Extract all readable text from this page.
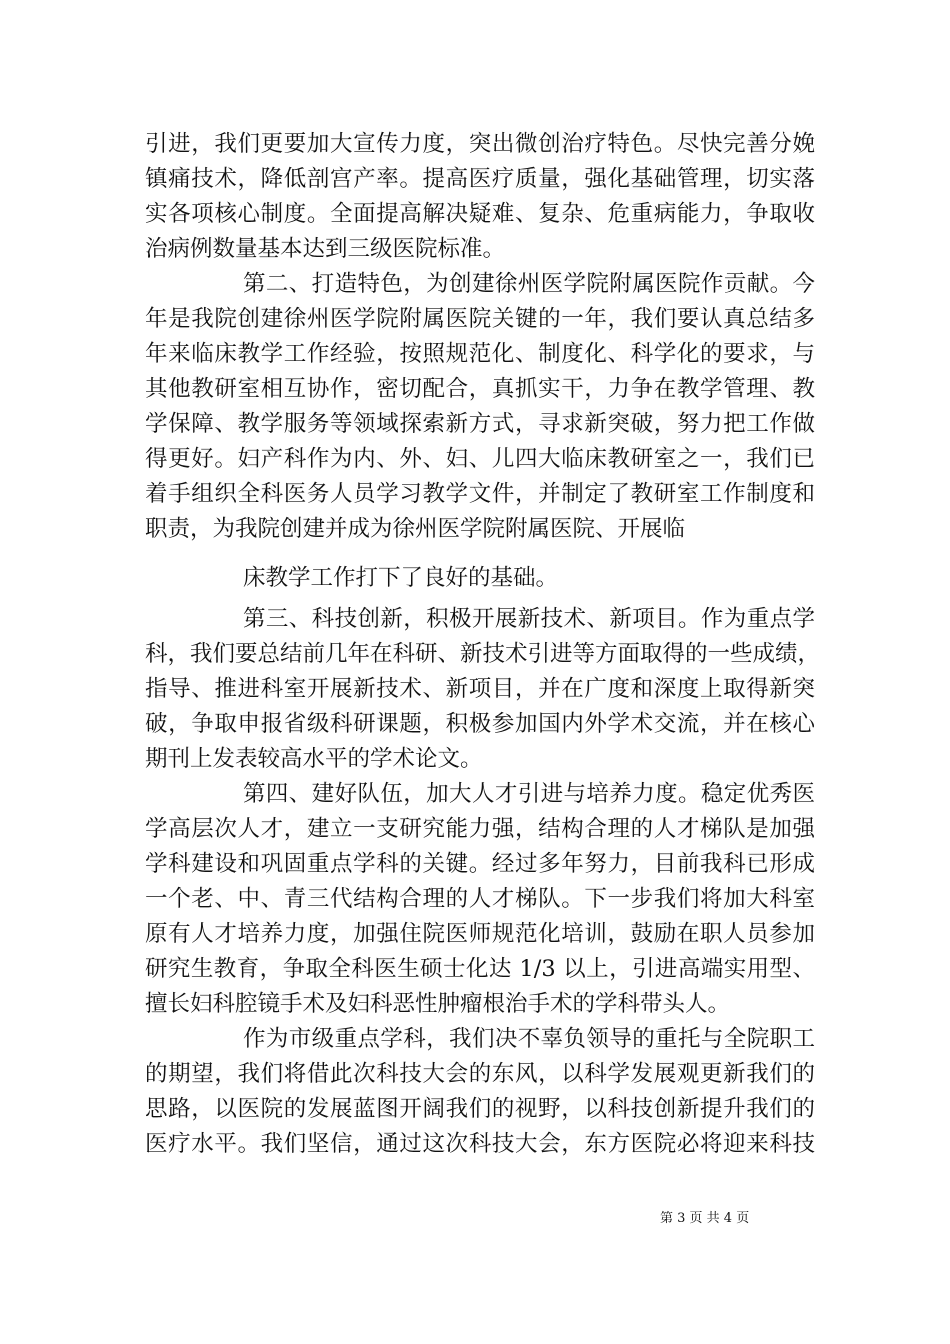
引进，我们更要加大宣传力度，突出微创治疗特色。尽快完善分娩
镇痛技术，降低剖宫产率。提高医疗质量，强化基础管理，切实落
实各项核心制度。全面提高解决疑难、复杂、危重病能力，争取收
治病例数量基本达到三级医院标准。
第二、打造特色，为创建徐州医学院附属医院作贡献。今
年是我院创建徐州医学院附属医院关键的一年，我们要认真总结多
年来临床教学工作经验，按照规范化、制度化、科学化的要求，与
其他教研室相互协作，密切配合，真抓实干，力争在教学管理、教
学保障、教学服务等领域探索新方式，寻求新突破，努力把工作做
得更好。妇产科作为内、外、妇、儿四大临床教研室之一，我们已
着手组织全科医务人员学习教学文件，并制定了教研室工作制度和
职责，为我院创建并成为徐州医学院附属医院、开展临
床教学工作打下了良好的基础。
第三、科技创新，积极开展新技术、新项目。作为重点学
科，我们要总结前几年在科研、新技术引进等方面取得的一些成绩，
指导、推进科室开展新技术、新项目，并在广度和深度上取得新突
破，争取申报省级科研课题，积极参加国内外学术交流，并在核心
期刊上发表较高水平的学术论文。
第四、建好队伍，加大人才引进与培养力度。稳定优秀医
学高层次人才，建立一支研究能力强，结构合理的人才梯队是加强
学科建设和巩固重点学科的关键。经过多年努力，目前我科已形成
一个老、中、青三代结构合理的人才梯队。下一步我们将加大科室
原有人才培养力度，加强住院医师规范化培训，鼓励在职人员参加
研究生教育，争取全科医生硕士化达 1/3 以上，引进高端实用型、
擅长妇科腔镜手术及妇科恶性肿瘤根治手术的学科带头人。
作为市级重点学科，我们决不辜负领导的重托与全院职工
的期望，我们将借此次科技大会的东风，以科学发展观更新我们的
思路，以医院的发展蓝图开阔我们的视野，以科技创新提升我们的
医疗水平。我们坚信，通过这次科技大会，东方医院必将迎来科技
第 3 页 共 4 页
